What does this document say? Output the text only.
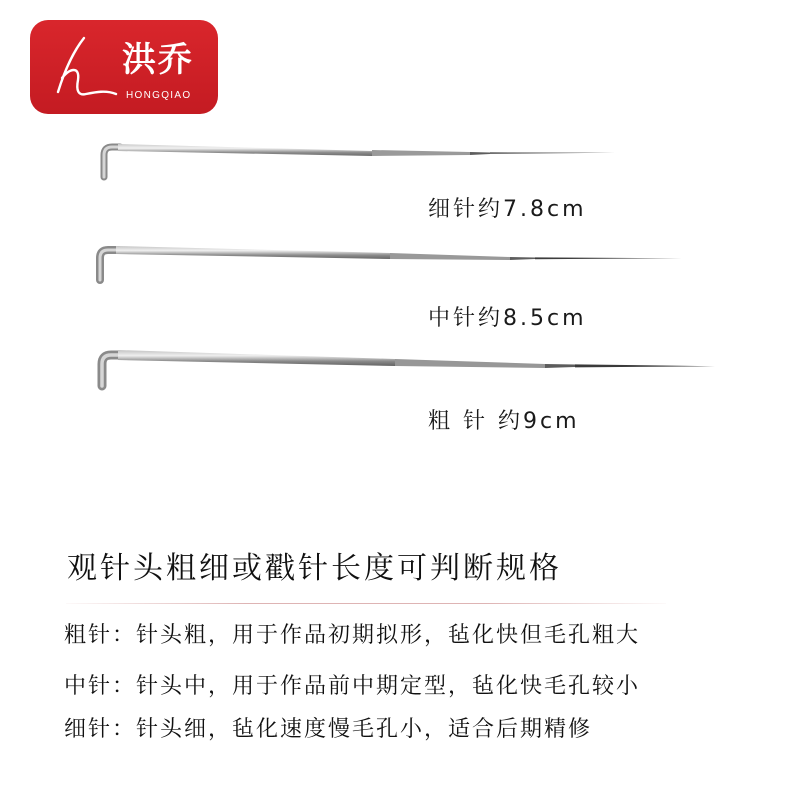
洪乔
HONGQIAO
细针约7.8cm
中针约8.5cm
粗 针 约9cm
观针头粗细或戳针长度可判断规格
粗针：针头粗，用于作品初期拟形，毡化快但毛孔粗大
中针：针头中，用于作品前中期定型，毡化快毛孔较小
细针：针头细，毡化速度慢毛孔小，适合后期精修
